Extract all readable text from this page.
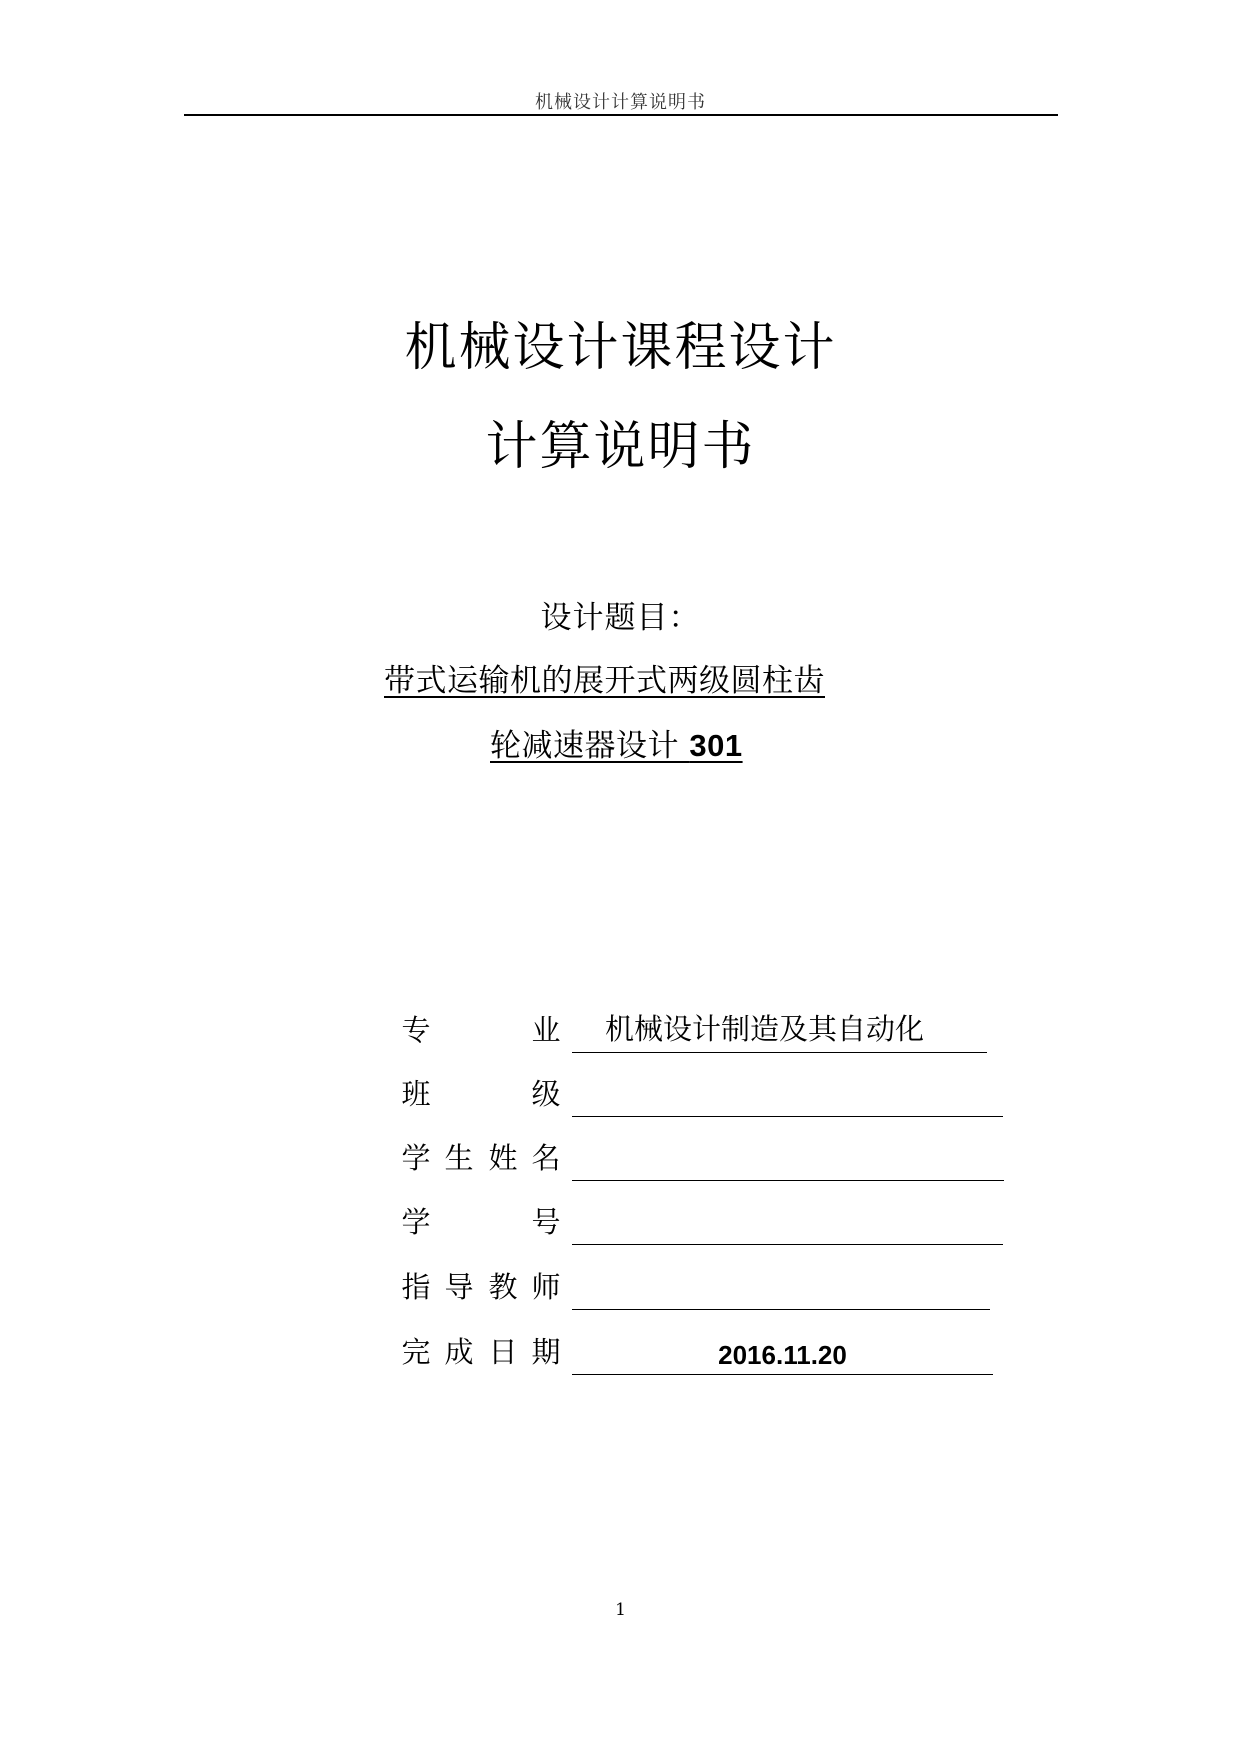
机械设计计算说明书
机械设计课程设计
计算说明书
设计题目：
带式运输机的展开式两级圆柱齿
轮减速器设计 301
专	业	机械设计制造及其自动化
班	级
学 生 姓 名
学	号
指 导 教 师
完 成 日 期	2016.11.20
1
